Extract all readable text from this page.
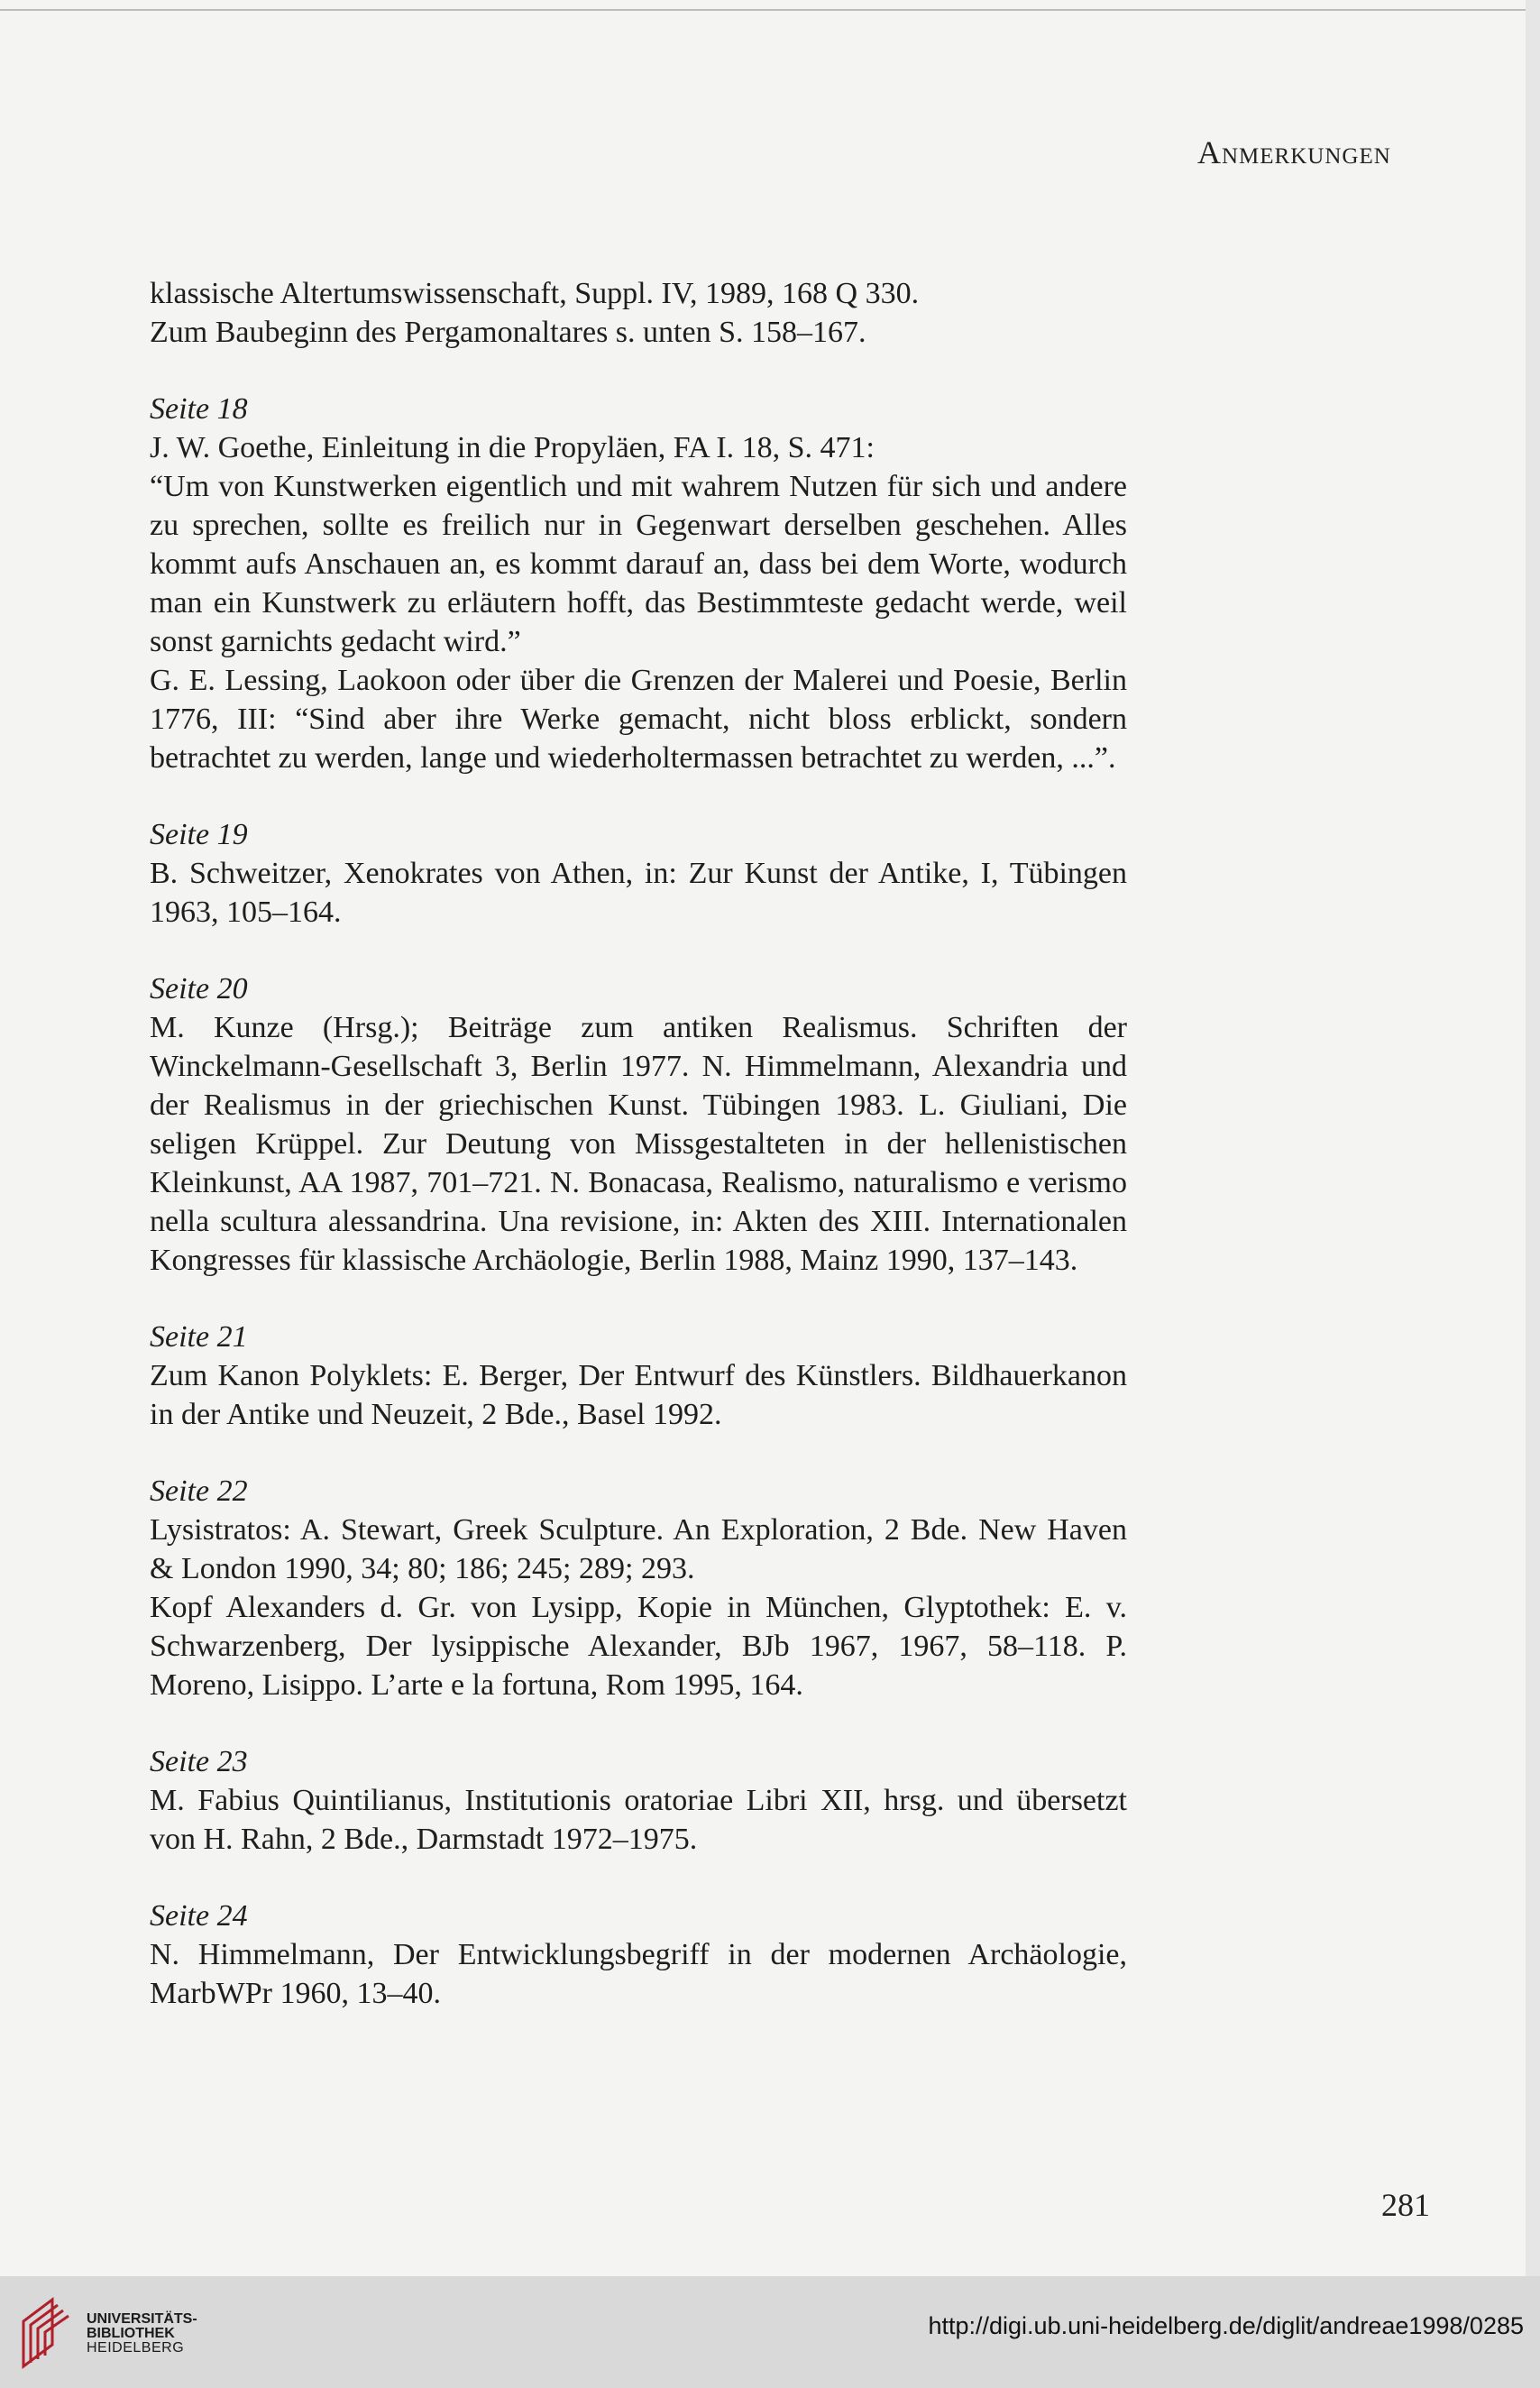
Anmerkungen

klassische Altertumswissenschaft, Suppl. IV, 1989, 168 Q 330.

Zum Baubeginn des Pergamonaltares s. unten S. 158–167.

Seite 18

J. W. Goethe, Einleitung in die Propyläen, FA I. 18, S. 471:

“Um von Kunstwerken eigentlich und mit wahrem Nutzen für sich und andere zu sprechen, sollte es freilich nur in Gegenwart derselben geschehen. Alles kommt aufs Anschauen an, es kommt darauf an, dass bei dem Worte, wodurch man ein Kunstwerk zu erläutern hofft, das Bestimmteste gedacht werde, weil sonst garnichts gedacht wird.”

G. E. Lessing, Laokoon oder über die Grenzen der Malerei und Poesie, Berlin 1776, III: “Sind aber ihre Werke gemacht, nicht bloss erblickt, sondern betrachtet zu werden, lange und wiederholtermassen betrachtet zu werden, ...”.

Seite 19

B. Schweitzer, Xenokrates von Athen, in: Zur Kunst der Antike, I, Tübingen 1963, 105–164.

Seite 20

M. Kunze (Hrsg.); Beiträge zum antiken Realismus. Schriften der Winckelmann-Gesellschaft 3, Berlin 1977. N. Himmelmann, Alexandria und der Realismus in der griechischen Kunst. Tübingen 1983. L. Giuliani, Die seligen Krüppel. Zur Deutung von Missgestalteten in der hellenistischen Kleinkunst, AA 1987, 701–721. N. Bonacasa, Realismo, naturalismo e verismo nella scultura alessandrina. Una revisione, in: Akten des XIII. Internationalen Kongresses für klassische Archäologie, Berlin 1988, Mainz 1990, 137–143.

Seite 21

Zum Kanon Polyklets: E. Berger, Der Entwurf des Künstlers. Bildhauerkanon in der Antike und Neuzeit, 2 Bde., Basel 1992.

Seite 22

Lysistratos: A. Stewart, Greek Sculpture. An Exploration, 2 Bde. New Haven & London 1990, 34; 80; 186; 245; 289; 293.

Kopf Alexanders d. Gr. von Lysipp, Kopie in München, Glyptothek: E. v. Schwarzenberg, Der lysippische Alexander, BJb 1967, 1967, 58–118. P. Moreno, Lisippo. L’arte e la fortuna, Rom 1995, 164.

Seite 23

M. Fabius Quintilianus, Institutionis oratoriae Libri XII, hrsg. und übersetzt von H. Rahn, 2 Bde., Darmstadt 1972–1975.

Seite 24

N. Himmelmann, Der Entwicklungsbegriff in der modernen Archäologie, MarbWPr 1960, 13–40.

281
UNIVERSITÄTS-
BIBLIOTHEK
HEIDELBERG
http://digi.ub.uni-heidelberg.de/diglit/andreae1998/0285
